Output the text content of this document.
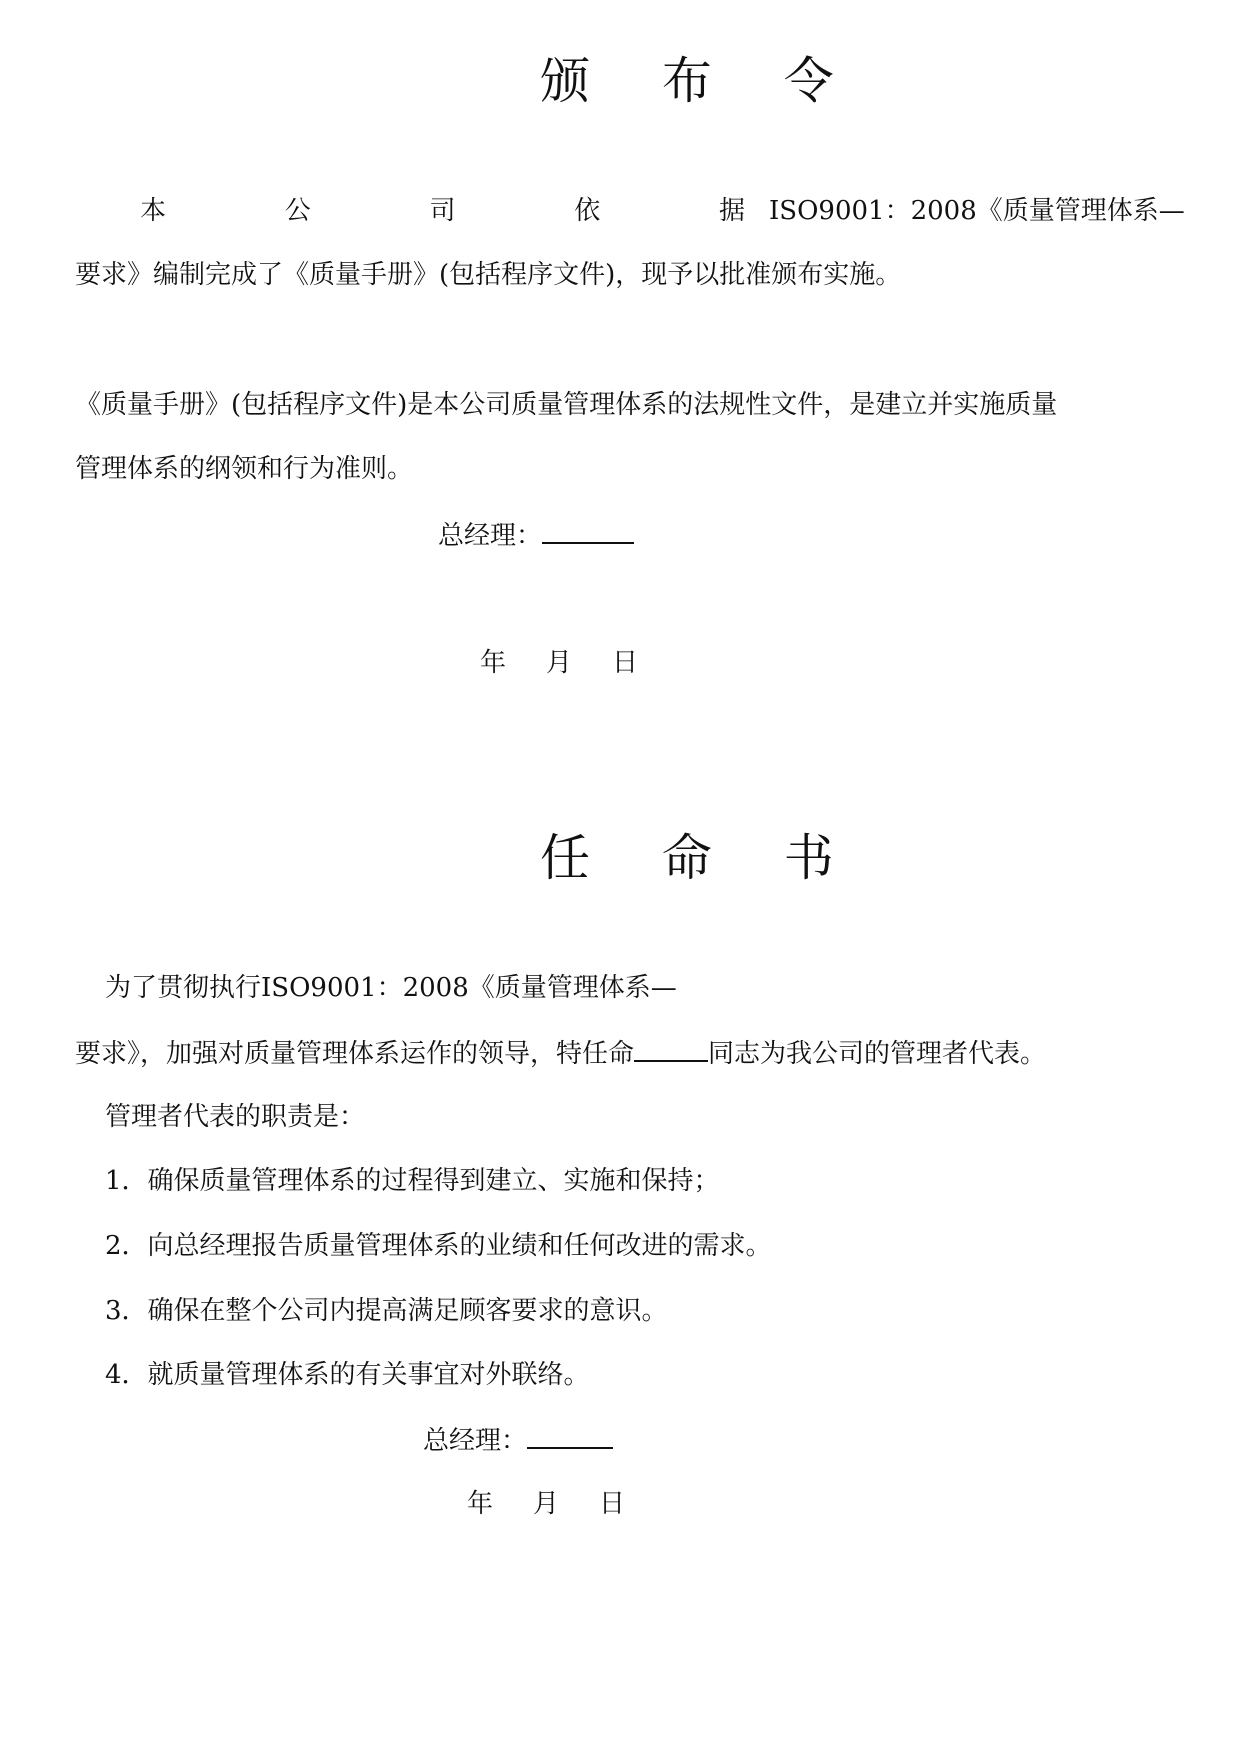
颁 布 令
本	公	司	依	据 ISO9001：2008《质量管理体系—
要求》编制完成了《质量手册》(包括程序文件)，现予以批准颁布实施。
《质量手册》(包括程序文件)是本公司质量管理体系的法规性文件，是建立并实施质量
管理体系的纲领和行为准则。
总经理：
年 月 日
任 命 书
为了贯彻执行ISO9001：2008《质量管理体系—
要求》，加强对质量管理体系运作的领导，特任命	同志为我公司的管理者代表。
管理者代表的职责是：
1．确保质量管理体系的过程得到建立、实施和保持；
2．向总经理报告质量管理体系的业绩和任何改进的需求。
3．确保在整个公司内提高满足顾客要求的意识。
4．就质量管理体系的有关事宜对外联络。
总经理：
年 月 日
